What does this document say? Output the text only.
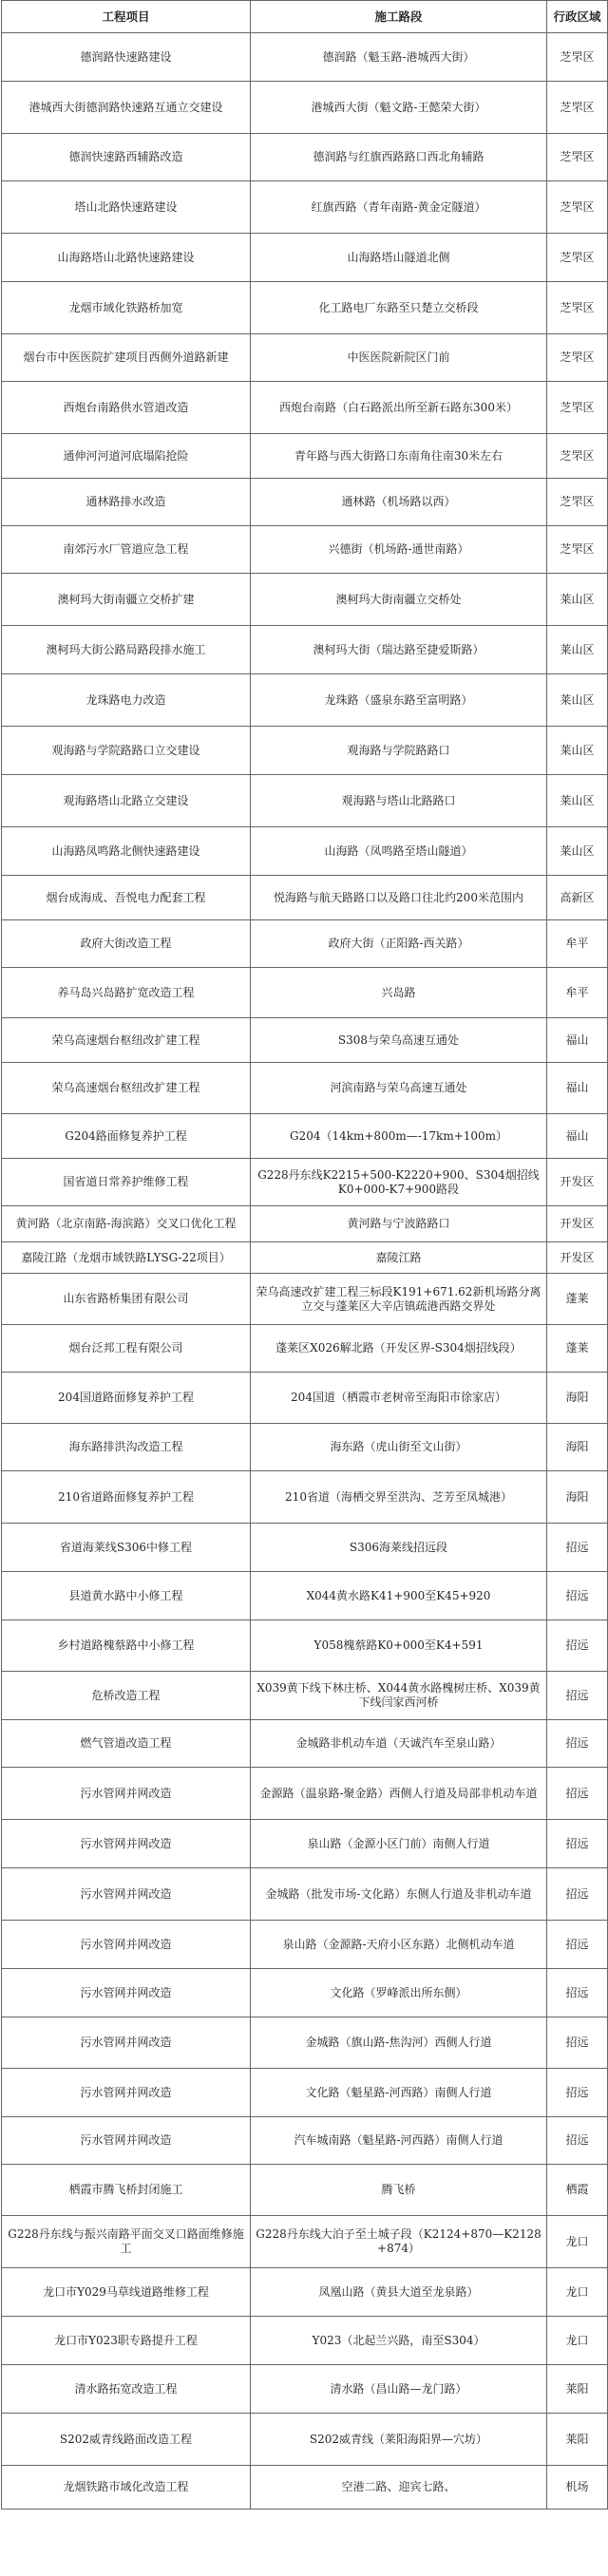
工程项目	施工路段	行政区域
德润路快速路建设	德润路（魁玉路-港城西大街）	芝罘区
港城西大街德润路快速路互通立交建设	港城西大街（魁文路-王懿荣大街）	芝罘区
德润快速路西辅路改造	德润路与红旗西路路口西北角辅路	芝罘区
塔山北路快速路建设	红旗西路（青年南路-黄金定隧道）	芝罘区
山海路塔山北路快速路建设	山海路塔山隧道北侧	芝罘区
龙烟市域化铁路桥加宽	化工路电厂东路至只楚立交桥段	芝罘区
烟台市中医医院扩建项目西侧外道路新建	中医医院新院区门前	芝罘区
西炮台南路供水管道改造	西炮台南路（白石路派出所至新石路东300米）	芝罘区
通伸河河道河底塌陷抢险	青年路与西大街路口东南角往南30米左右	芝罘区
通林路排水改造	通林路（机场路以西）	芝罘区
南郊污水厂管道应急工程	兴德街（机场路-通世南路）	芝罘区
澳柯玛大街南疆立交桥扩建	澳柯玛大街南疆立交桥处	莱山区
澳柯玛大街公路局路段排水施工	澳柯玛大街（瑞达路至捷爱斯路）	莱山区
龙珠路电力改造	龙珠路（盛泉东路至富明路）	莱山区
观海路与学院路路口立交建设	观海路与学院路路口	莱山区
观海路塔山北路立交建设	观海路与塔山北路路口	莱山区
山海路凤鸣路北侧快速路建设	山海路（凤鸣路至塔山隧道）	莱山区
烟台成海成、吾悦电力配套工程	悦海路与航天路路口以及路口往北约200米范围内	高新区
政府大街改造工程	政府大街（正阳路-西关路）	牟平
养马岛兴岛路扩宽改造工程	兴岛路	牟平
荣乌高速烟台枢纽改扩建工程	S308与荣乌高速互通处	福山
荣乌高速烟台枢纽改扩建工程	河滨南路与荣乌高速互通处	福山
G204路面修复养护工程	G204（14km+800m—-17km+100m）	福山
国省道日常养护维修工程	G228丹东线K2215+500-K2220+900、S304烟招线K0+000-K7+900路段	开发区
黄河路（北京南路-海滨路）交叉口优化工程	黄河路与宁波路路口	开发区
嘉陵江路（龙烟市域铁路LYSG-22项目）	嘉陵江路	开发区
山东省路桥集团有限公司	荣乌高速改扩建工程三标段K191+671.62新机场路分离立交与蓬莱区大辛店镇疏港西路交界处	蓬莱
烟台泛邦工程有限公司	蓬莱区X026解北路（开发区界-S304烟招线段）	蓬莱
204国道路面修复养护工程	204国道（栖霞市老树帝至海阳市徐家店）	海阳
海东路排洪沟改造工程	海东路（虎山街至文山街）	海阳
210省道路面修复养护工程	210省道（海栖交界至洪沟、芝芳至凤城港）	海阳
省道海莱线S306中修工程	S306海莱线招远段	招远
县道黄水路中小修工程	X044黄水路K41+900至K45+920	招远
乡村道路槐蔡路中小修工程	Y058槐蔡路K0+000至K4+591	招远
危桥改造工程	X039黄下线下林庄桥、X044黄水路槐树庄桥、X039黄下线闫家西河桥	招远
燃气管道改造工程	金城路非机动车道（天诚汽车至泉山路）	招远
污水管网并网改造	金源路（温泉路-聚金路）西侧人行道及局部非机动车道	招远
污水管网并网改造	泉山路（金源小区门前）南侧人行道	招远
污水管网并网改造	金城路（批发市场-文化路）东侧人行道及非机动车道	招远
污水管网并网改造	泉山路（金源路-天府小区东路）北侧机动车道	招远
污水管网并网改造	文化路（罗峰派出所东侧）	招远
污水管网并网改造	金城路（旗山路-焦沟河）西侧人行道	招远
污水管网并网改造	文化路（魁星路-河西路）南侧人行道	招远
污水管网并网改造	汽车城南路（魁星路-河西路）南侧人行道	招远
栖霞市腾飞桥封闭施工	腾飞桥	栖霞
G228丹东线与振兴南路平面交叉口路面维修施工	G228丹东线大泊子至土城子段（K2124+870—K2128+874）	龙口
龙口市Y029马草线道路维修工程	凤凰山路（黄县大道至龙泉路）	龙口
龙口市Y023职专路提升工程	Y023（北起兰兴路，南至S304）	龙口
清水路拓宽改造工程	清水路（昌山路—龙门路）	莱阳
S202威青线路面改造工程	S202威青线（莱阳海阳界—穴坊）	莱阳
龙烟铁路市域化改造工程	空港二路、迎宾七路、	机场
